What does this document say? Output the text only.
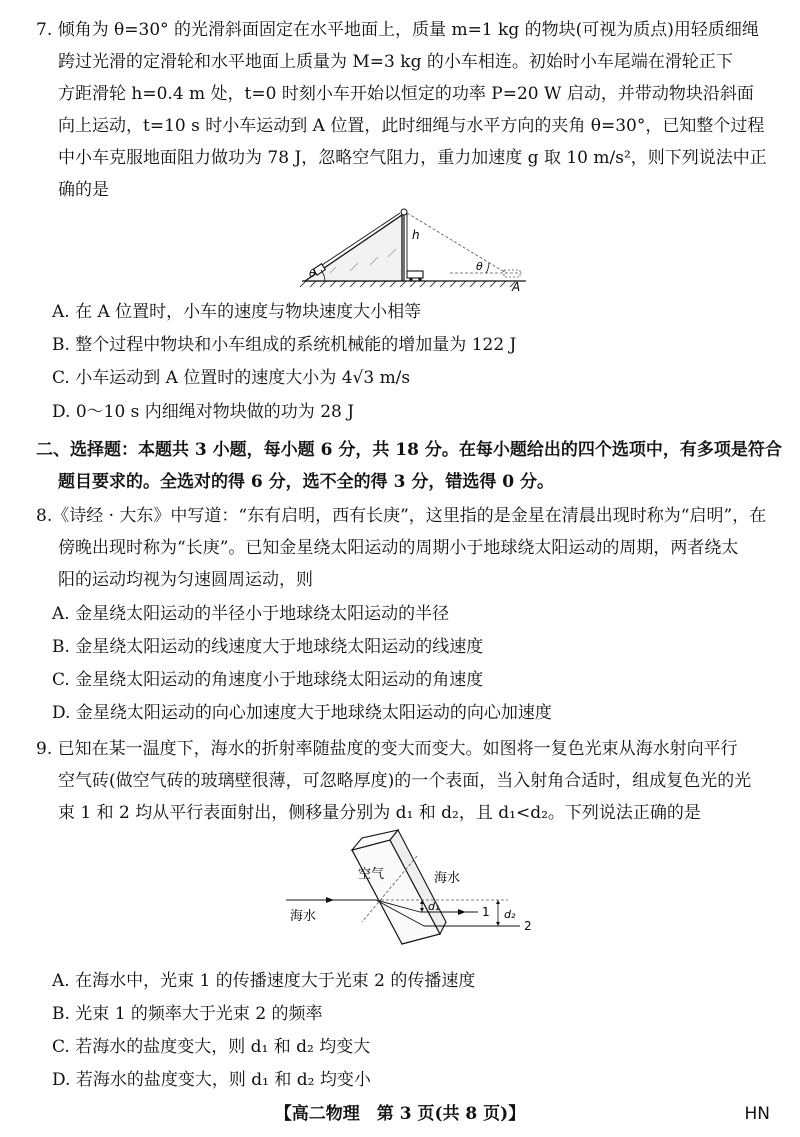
7. 倾角为 θ=30° 的光滑斜面固定在水平地面上，质量 m=1 kg 的物块(可视为质点)用轻质细绳
跨过光滑的定滑轮和水平地面上质量为 M=3 kg 的小车相连。初始时小车尾端在滑轮正下
方距滑轮 h=0.4 m 处，t=0 时刻小车开始以恒定的功率 P=20 W 启动，并带动物块沿斜面
向上运动，t=10 s 时小车运动到 A 位置，此时细绳与水平方向的夹角 θ=30°，已知整个过程
中小车克服地面阻力做功为 78 J，忽略空气阻力，重力加速度 g 取 10 m/s²，则下列说法中正
确的是
h
θ
θ
A
A. 在 A 位置时，小车的速度与物块速度大小相等
B. 整个过程中物块和小车组成的系统机械能的增加量为 122 J
C. 小车运动到 A 位置时的速度大小为 4√3 m/s
D. 0～10 s 内细绳对物块做的功为 28 J
二、选择题：本题共 3 小题，每小题 6 分，共 18 分。在每小题给出的四个选项中，有多项是符合
题目要求的。全选对的得 6 分，选不全的得 3 分，错选得 0 分。
8.《诗经 · 大东》中写道：“东有启明，西有长庚”，这里指的是金星在清晨出现时称为“启明”，在
傍晚出现时称为“长庚”。已知金星绕太阳运动的周期小于地球绕太阳运动的周期，两者绕太
阳的运动均视为匀速圆周运动，则
A. 金星绕太阳运动的半径小于地球绕太阳运动的半径
B. 金星绕太阳运动的线速度大于地球绕太阳运动的线速度
C. 金星绕太阳运动的角速度小于地球绕太阳运动的角速度
D. 金星绕太阳运动的向心加速度大于地球绕太阳运动的向心加速度
9. 已知在某一温度下，海水的折射率随盐度的变大而变大。如图将一复色光束从海水射向平行
空气砖(做空气砖的玻璃壁很薄，可忽略厚度)的一个表面，当入射角合适时，组成复色光的光
束 1 和 2 均从平行表面射出，侧移量分别为 d₁ 和 d₂，且 d₁<d₂。下列说法正确的是
空气	海水
海水
d₁
d₂
1
2
A. 在海水中，光束 1 的传播速度大于光束 2 的传播速度
B. 光束 1 的频率大于光束 2 的频率
C. 若海水的盐度变大，则 d₁ 和 d₂ 均变大
D. 若海水的盐度变大，则 d₁ 和 d₂ 均变小
【高二物理　第 3 页(共 8 页)】	HN
